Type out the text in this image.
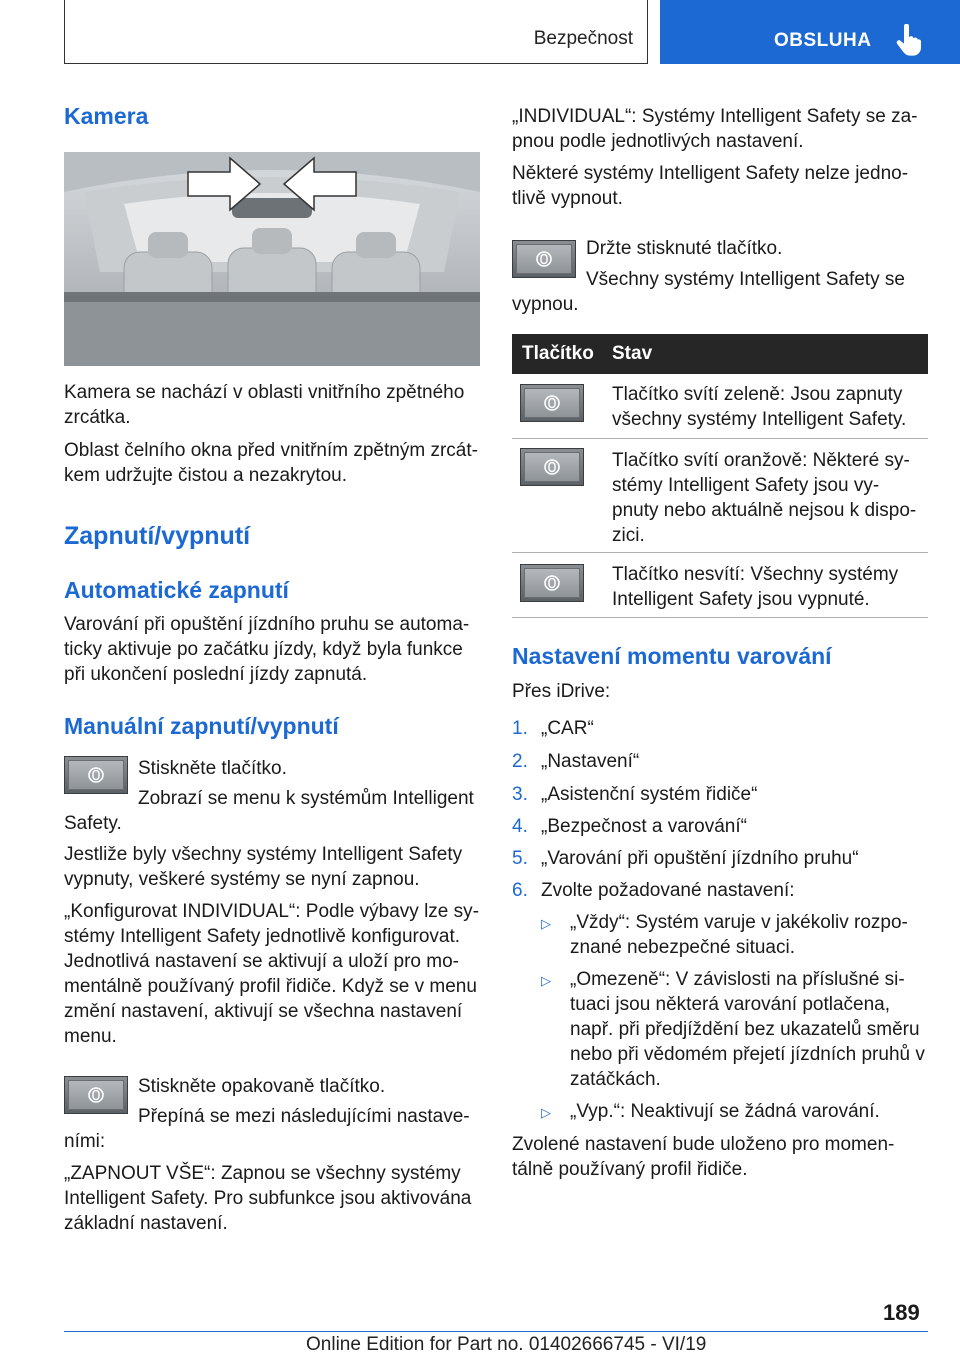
Bezpečnost	OBSLUHA
Kamera

Kamera se nachází v oblasti vnitřního zpětného

zrcátka.

Oblast čelního okna před vnitřním zpětným zrcát-

kem udržujte čistou a nezakrytou.

Zapnutí/vypnutí
Automatické zapnutí

Varování při opuštění jízdního pruhu se automa-

ticky aktivuje po začátku jízdy, když byla funkce

při ukončení poslední jízdy zapnutá.

Manuální zapnutí/vypnutí

Stiskněte tlačítko.

Zobrazí se menu k systémům Intelligent

Safety.

Jestliže byly všechny systémy Intelligent Safety

vypnuty, veškeré systémy se nyní zapnou.

„Konfigurovat INDIVIDUAL“: Podle výbavy lze sy-

stémy Intelligent Safety jednotlivě konfigurovat.

Jednotlivá nastavení se aktivují a uloží pro mo-

mentálně používaný profil řidiče. Když se v menu

změní nastavení, aktivují se všechna nastavení

menu.

Stiskněte opakovaně tlačítko.

Přepíná se mezi následujícími nastave-

ními:

„ZAPNOUT VŠE“: Zapnou se všechny systémy

Intelligent Safety. Pro subfunkce jsou aktivována

základní nastavení.

„INDIVIDUAL“: Systémy Intelligent Safety se za-

pnou podle jednotlivých nastavení.

Některé systémy Intelligent Safety nelze jedno-

tlivě vypnout.

Držte stisknuté tlačítko.

Všechny systémy Intelligent Safety se

vypnou.

Tlačítko Stav

Tlačítko svítí zeleně: Jsou zapnuty

všechny systémy Intelligent Safety.

Tlačítko svítí oranžově: Některé sy-

stémy Intelligent Safety jsou vy-

pnuty nebo aktuálně nejsou k dispo-

zici.

Tlačítko nesvítí: Všechny systémy

Intelligent Safety jsou vypnuté.

Nastavení momentu varování

Přes iDrive:

1. „CAR“

2. „Nastavení“

3. „Asistenční systém řidiče“

4. „Bezpečnost a varování“

5. „Varování při opuštění jízdního pruhu“

6. Zvolte požadované nastavení:

▷ „Vždy“: Systém varuje v jakékoliv rozpo-

znané nebezpečné situaci.

▷ „Omezeně“: V závislosti na příslušné si-

tuaci jsou některá varování potlačena,

např. při předjíždění bez ukazatelů směru

nebo při vědomém přejetí jízdních pruhů v

zatáčkách.

▷ „Vyp.“: Neaktivují se žádná varování.

Zvolené nastavení bude uloženo pro momen-

tálně používaný profil řidiče.

189
Online Edition for Part no. 01402666745 - VI/19
